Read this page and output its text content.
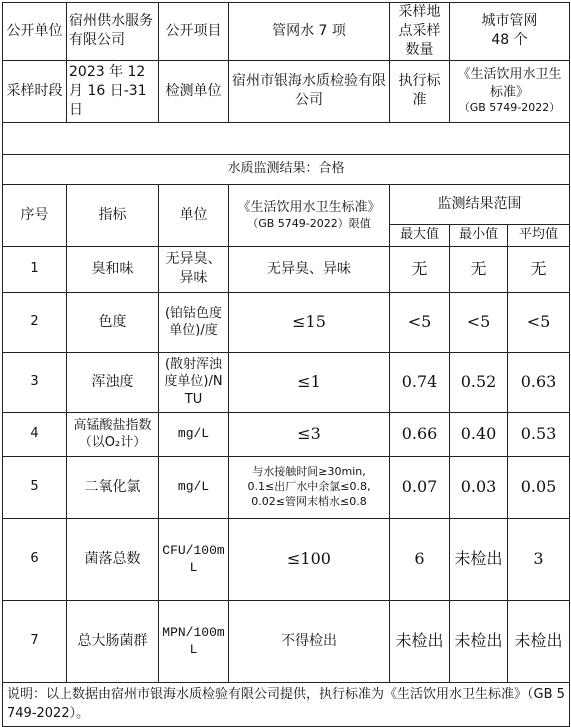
公开单位	宿州供水服务有限公司	公开项目	管网水 7 项	采样地点采样数量	城市管网
48 个	

采样时段	2023 年 12 月 16 日-31 日	检测单位	宿州市银海水质检验有限公司	执行标准	《生活饮用水卫生标准》
（GB 5749-2022）	

水质监测结果：合格						
序号	指标	单位	《生活饮用水卫生标准》
（GB 5749-2022）限值	监测结果范围		
				最大值	最小值	平均值
1	臭和味	无异臭、异味	无异臭、异味	无	无	无
2	色度	(铂钴色度单位)/度	≤15	<5	<5	<5
3	浑浊度	(散射浑浊度单位)/NTU	≤1	0.74	0.52	0.63
4	高锰酸盐指数（以O₂计）	mg/L	≤3	0.66	0.40	0.53
5	二氧化氯	mg/L	与水接触时间≥30min,
0.1≤出厂水中余氯≤0.8,
0.02≤管网末梢水≤0.8	0.07	0.03	0.05
6	菌落总数	CFU/100mL	≤100	6	未检出	3
7	总大肠菌群	MPN/100mL	不得检出	未检出	未检出	未检出
说明：以上数据由宿州市银海水质检验有限公司提供，执行标准为《生活饮用水卫生标准》（GB 5749-2022）。						
